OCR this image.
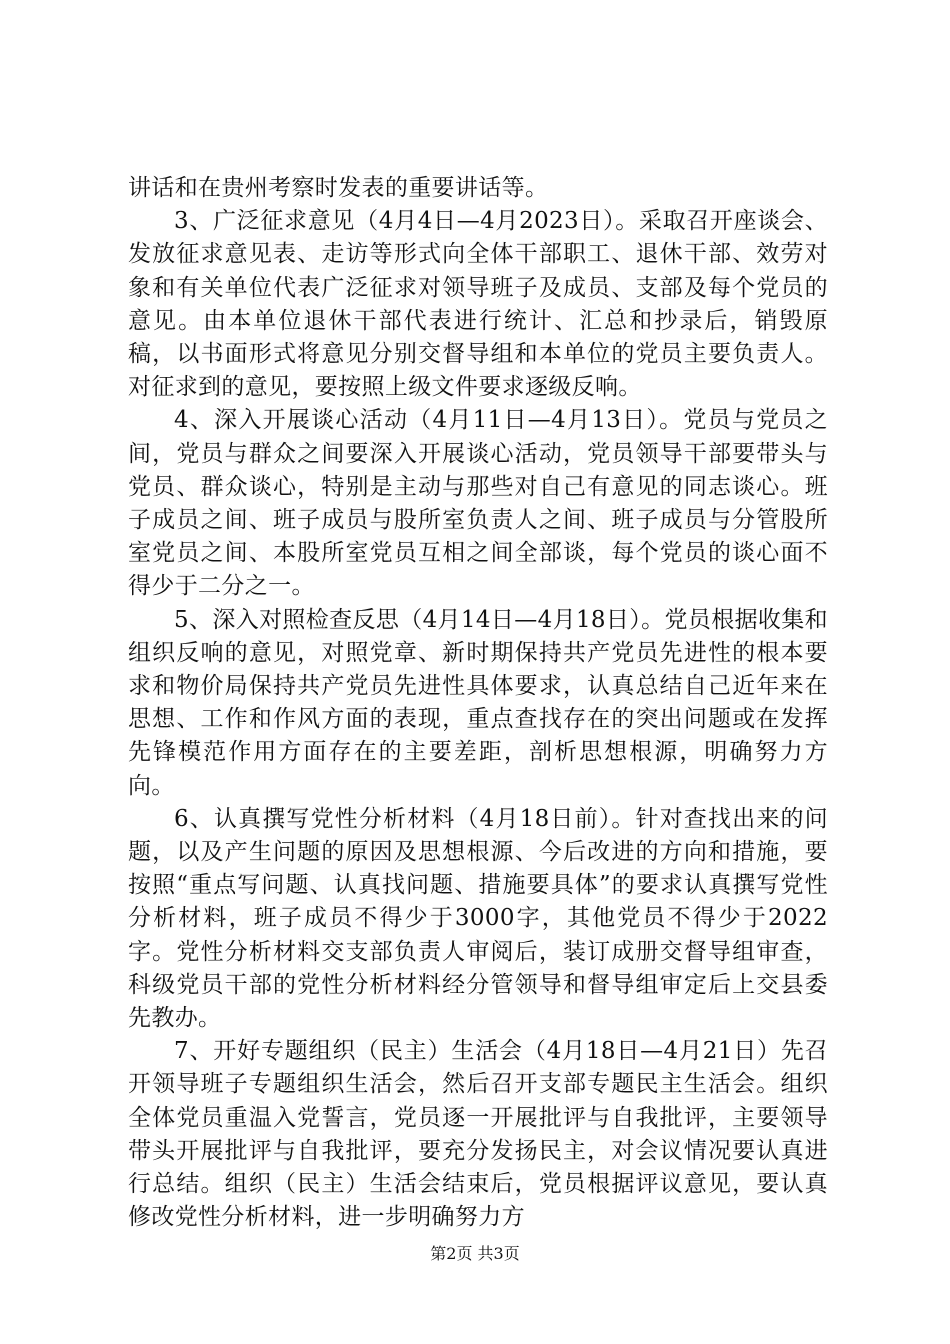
讲话和在贵州考察时发表的重要讲话等。

3、广泛征求意见（4月4日—4月2023日）。采取召开座谈会、发放征求意见表、走访等形式向全体干部职工、退休干部、效劳对象和有关单位代表广泛征求对领导班子及成员、支部及每个党员的意见。由本单位退休干部代表进行统计、汇总和抄录后，销毁原稿，以书面形式将意见分别交督导组和本单位的党员主要负责人。对征求到的意见，要按照上级文件要求逐级反响。

4、深入开展谈心活动（4月11日—4月13日）。党员与党员之间，党员与群众之间要深入开展谈心活动，党员领导干部要带头与党员、群众谈心，特别是主动与那些对自己有意见的同志谈心。班子成员之间、班子成员与股所室负责人之间、班子成员与分管股所室党员之间、本股所室党员互相之间全部谈，每个党员的谈心面不得少于二分之一。

5、深入对照检查反思（4月14日—4月18日）。党员根据收集和组织反响的意见，对照党章、新时期保持共产党员先进性的根本要求和物价局保持共产党员先进性具体要求，认真总结自己近年来在思想、工作和作风方面的表现，重点查找存在的突出问题或在发挥先锋模范作用方面存在的主要差距，剖析思想根源，明确努力方向。

6、认真撰写党性分析材料（4月18日前）。针对查找出来的问题，以及产生问题的原因及思想根源、今后改进的方向和措施，要按照“重点写问题、认真找问题、措施要具体”的要求认真撰写党性分析材料，班子成员不得少于3000字，其他党员不得少于2022字。党性分析材料交支部负责人审阅后，装订成册交督导组审查，科级党员干部的党性分析材料经分管领导和督导组审定后上交县委先教办。

7、开好专题组织（民主）生活会（4月18日—4月21日）先召开领导班子专题组织生活会，然后召开支部专题民主生活会。组织全体党员重温入党誓言，党员逐一开展批评与自我批评，主要领导带头开展批评与自我批评，要充分发扬民主，对会议情况要认真进行总结。组织（民主）生活会结束后，党员根据评议意见，要认真修改党性分析材料，进一步明确努力方

第2页 共3页
